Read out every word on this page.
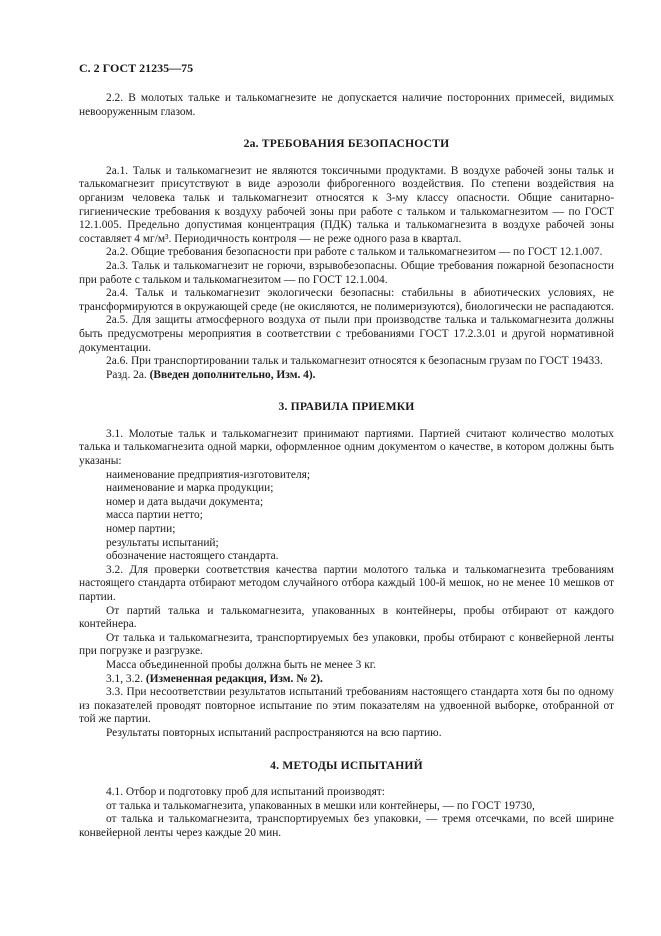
С. 2 ГОСТ 21235—75

2.2. В молотых тальке и талькомагнезите не допускается наличие посторонних примесей, видимых невооруженным глазом.

2а. ТРЕБОВАНИЯ БЕЗОПАСНОСТИ

2а.1. Тальк и талькомагнезит не являются токсичными продуктами. В воздухе рабочей зоны тальк и талькомагнезит присутствуют в виде аэрозоли фиброгенного воздействия. По степени воздействия на организм человека тальк и талькомагнезит относятся к 3-му классу опасности. Общие санитарно-гигиенические требования к воздуху рабочей зоны при работе с тальком и талькомагнезитом — по ГОСТ 12.1.005. Предельно допустимая концентрация (ПДК) талька и талькомагнезита в воздухе рабочей зоны составляет 4 мг/м³. Периодичность контроля — не реже одного раза в квартал.

2а.2. Общие требования безопасности при работе с тальком и талькомагнезитом — по ГОСТ 12.1.007.

2а.3. Тальк и талькомагнезит не горючи, взрывобезопасны. Общие требования пожарной безопасности при работе с тальком и талькомагнезитом — по ГОСТ 12.1.004.

2а.4. Тальк и талькомагнезит экологически безопасны: стабильны в абиотических условиях, не трансформируются в окружающей среде (не окисляются, не полимеризуются), биологически не распадаются.

2а.5. Для защиты атмосферного воздуха от пыли при производстве талька и талькомагнезита должны быть предусмотрены мероприятия в соответствии с требованиями ГОСТ 17.2.3.01 и другой нормативной документации.

2а.6. При транспортировании тальк и талькомагнезит относятся к безопасным грузам по ГОСТ 19433.

Разд. 2а. (Введен дополнительно, Изм. 4).

3. ПРАВИЛА ПРИЕМКИ

3.1. Молотые тальк и талькомагнезит принимают партиями. Партией считают количество молотых талька и талькомагнезита одной марки, оформленное одним документом о качестве, в котором должны быть указаны:

наименование предприятия-изготовителя;

наименование и марка продукции;

номер и дата выдачи документа;

масса партии нетто;

номер партии;

результаты испытаний;

обозначение настоящего стандарта.

3.2. Для проверки соответствия качества партии молотого талька и талькомагнезита требованиям настоящего стандарта отбирают методом случайного отбора каждый 100-й мешок, но не менее 10 мешков от партии.

От партий талька и талькомагнезита, упакованных в контейнеры, пробы отбирают от каждого контейнера.

От талька и талькомагнезита, транспортируемых без упаковки, пробы отбирают с конвейерной ленты при погрузке и разгрузке.

Масса объединенной пробы должна быть не менее 3 кг.

3.1, 3.2. (Измененная редакция, Изм. № 2).

3.3. При несоответствии результатов испытаний требованиям настоящего стандарта хотя бы по одному из показателей проводят повторное испытание по этим показателям на удвоенной выборке, отобранной от той же партии.

Результаты повторных испытаний распространяются на всю партию.

4. МЕТОДЫ ИСПЫТАНИЙ

4.1. Отбор и подготовку проб для испытаний производят:

от талька и талькомагнезита, упакованных в мешки или контейнеры, — по ГОСТ 19730,

от талька и талькомагнезита, транспортируемых без упаковки, — тремя отсечками, по всей ширине конвейерной ленты через каждые 20 мин.
